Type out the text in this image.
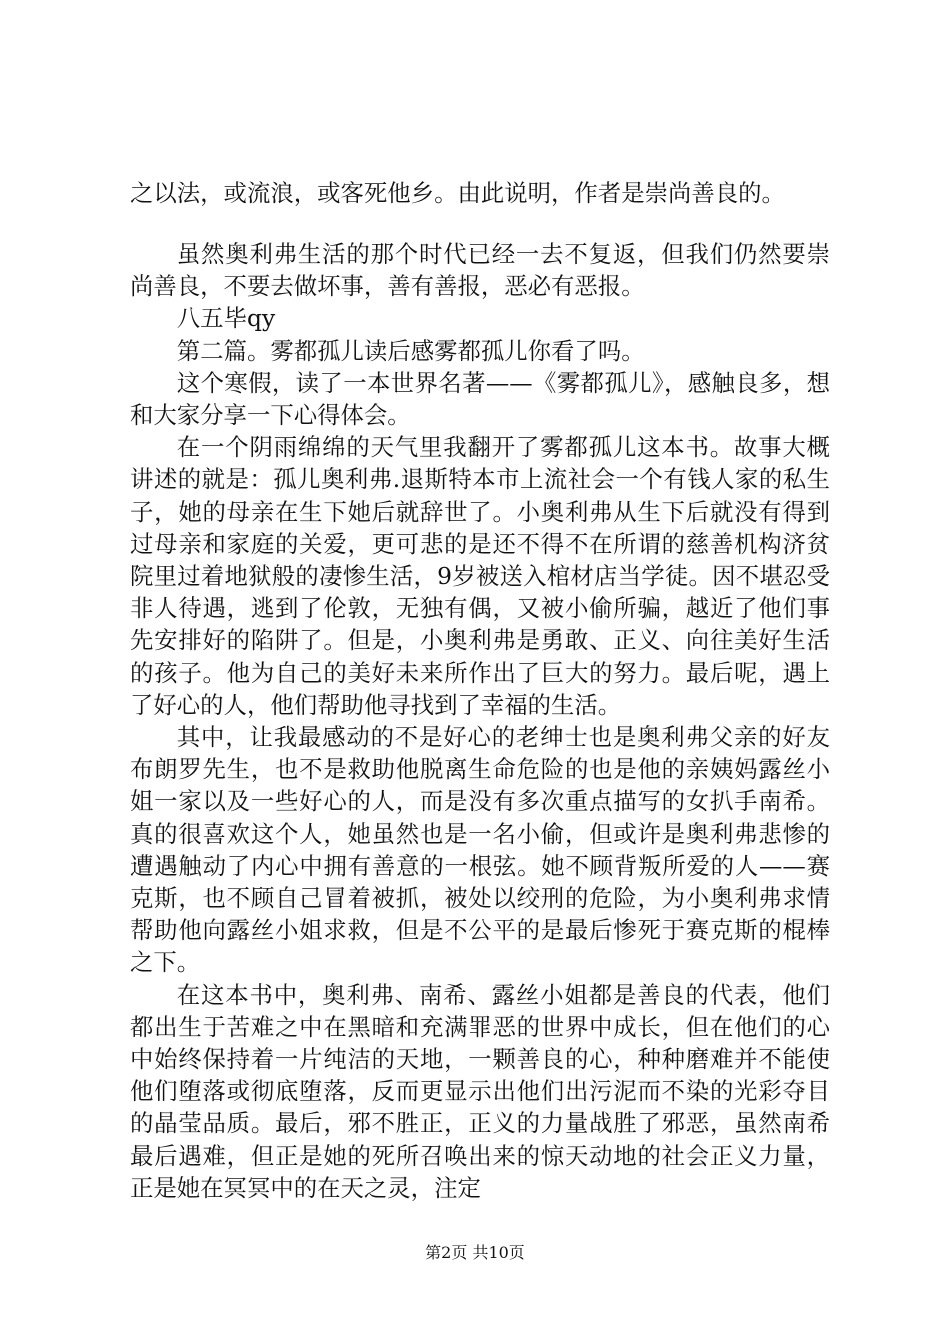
之以法，或流浪，或客死他乡。由此说明，作者是崇尚善良的。

虽然奥利弗生活的那个时代已经一去不复返，但我们仍然要崇尚善良，不要去做坏事，善有善报，恶必有恶报。

八五毕qy

第二篇。雾都孤儿读后感雾都孤儿你看了吗。

这个寒假，读了一本世界名著——《雾都孤儿》，感触良多，想和大家分享一下心得体会。

在一个阴雨绵绵的天气里我翻开了雾都孤儿这本书。故事大概讲述的就是：孤儿奥利弗.退斯特本市上流社会一个有钱人家的私生子，她的母亲在生下她后就辞世了。小奥利弗从生下后就没有得到过母亲和家庭的关爱，更可悲的是还不得不在所谓的慈善机构济贫院里过着地狱般的凄惨生活，9岁被送入棺材店当学徒。因不堪忍受非人待遇，逃到了伦敦，无独有偶，又被小偷所骗，越近了他们事先安排好的陷阱了。但是，小奥利弗是勇敢、正义、向往美好生活的孩子。他为自己的美好未来所作出了巨大的努力。最后呢，遇上了好心的人，他们帮助他寻找到了幸福的生活。

其中，让我最感动的不是好心的老绅士也是奥利弗父亲的好友布朗罗先生，也不是救助他脱离生命危险的也是他的亲姨妈露丝小姐一家以及一些好心的人，而是没有多次重点描写的女扒手南希。真的很喜欢这个人，她虽然也是一名小偷，但或许是奥利弗悲惨的遭遇触动了内心中拥有善意的一根弦。她不顾背叛所爱的人——赛克斯，也不顾自己冒着被抓，被处以绞刑的危险，为小奥利弗求情帮助他向露丝小姐求救，但是不公平的是最后惨死于赛克斯的棍棒之下。

在这本书中，奥利弗、南希、露丝小姐都是善良的代表，他们都出生于苦难之中在黑暗和充满罪恶的世界中成长，但在他们的心中始终保持着一片纯洁的天地，一颗善良的心，种种磨难并不能使他们堕落或彻底堕落，反而更显示出他们出污泥而不染的光彩夺目的晶莹品质。最后，邪不胜正，正义的力量战胜了邪恶，虽然南希最后遇难，但正是她的死所召唤出来的惊天动地的社会正义力量，正是她在冥冥中的在天之灵，注定

第2页 共10页
